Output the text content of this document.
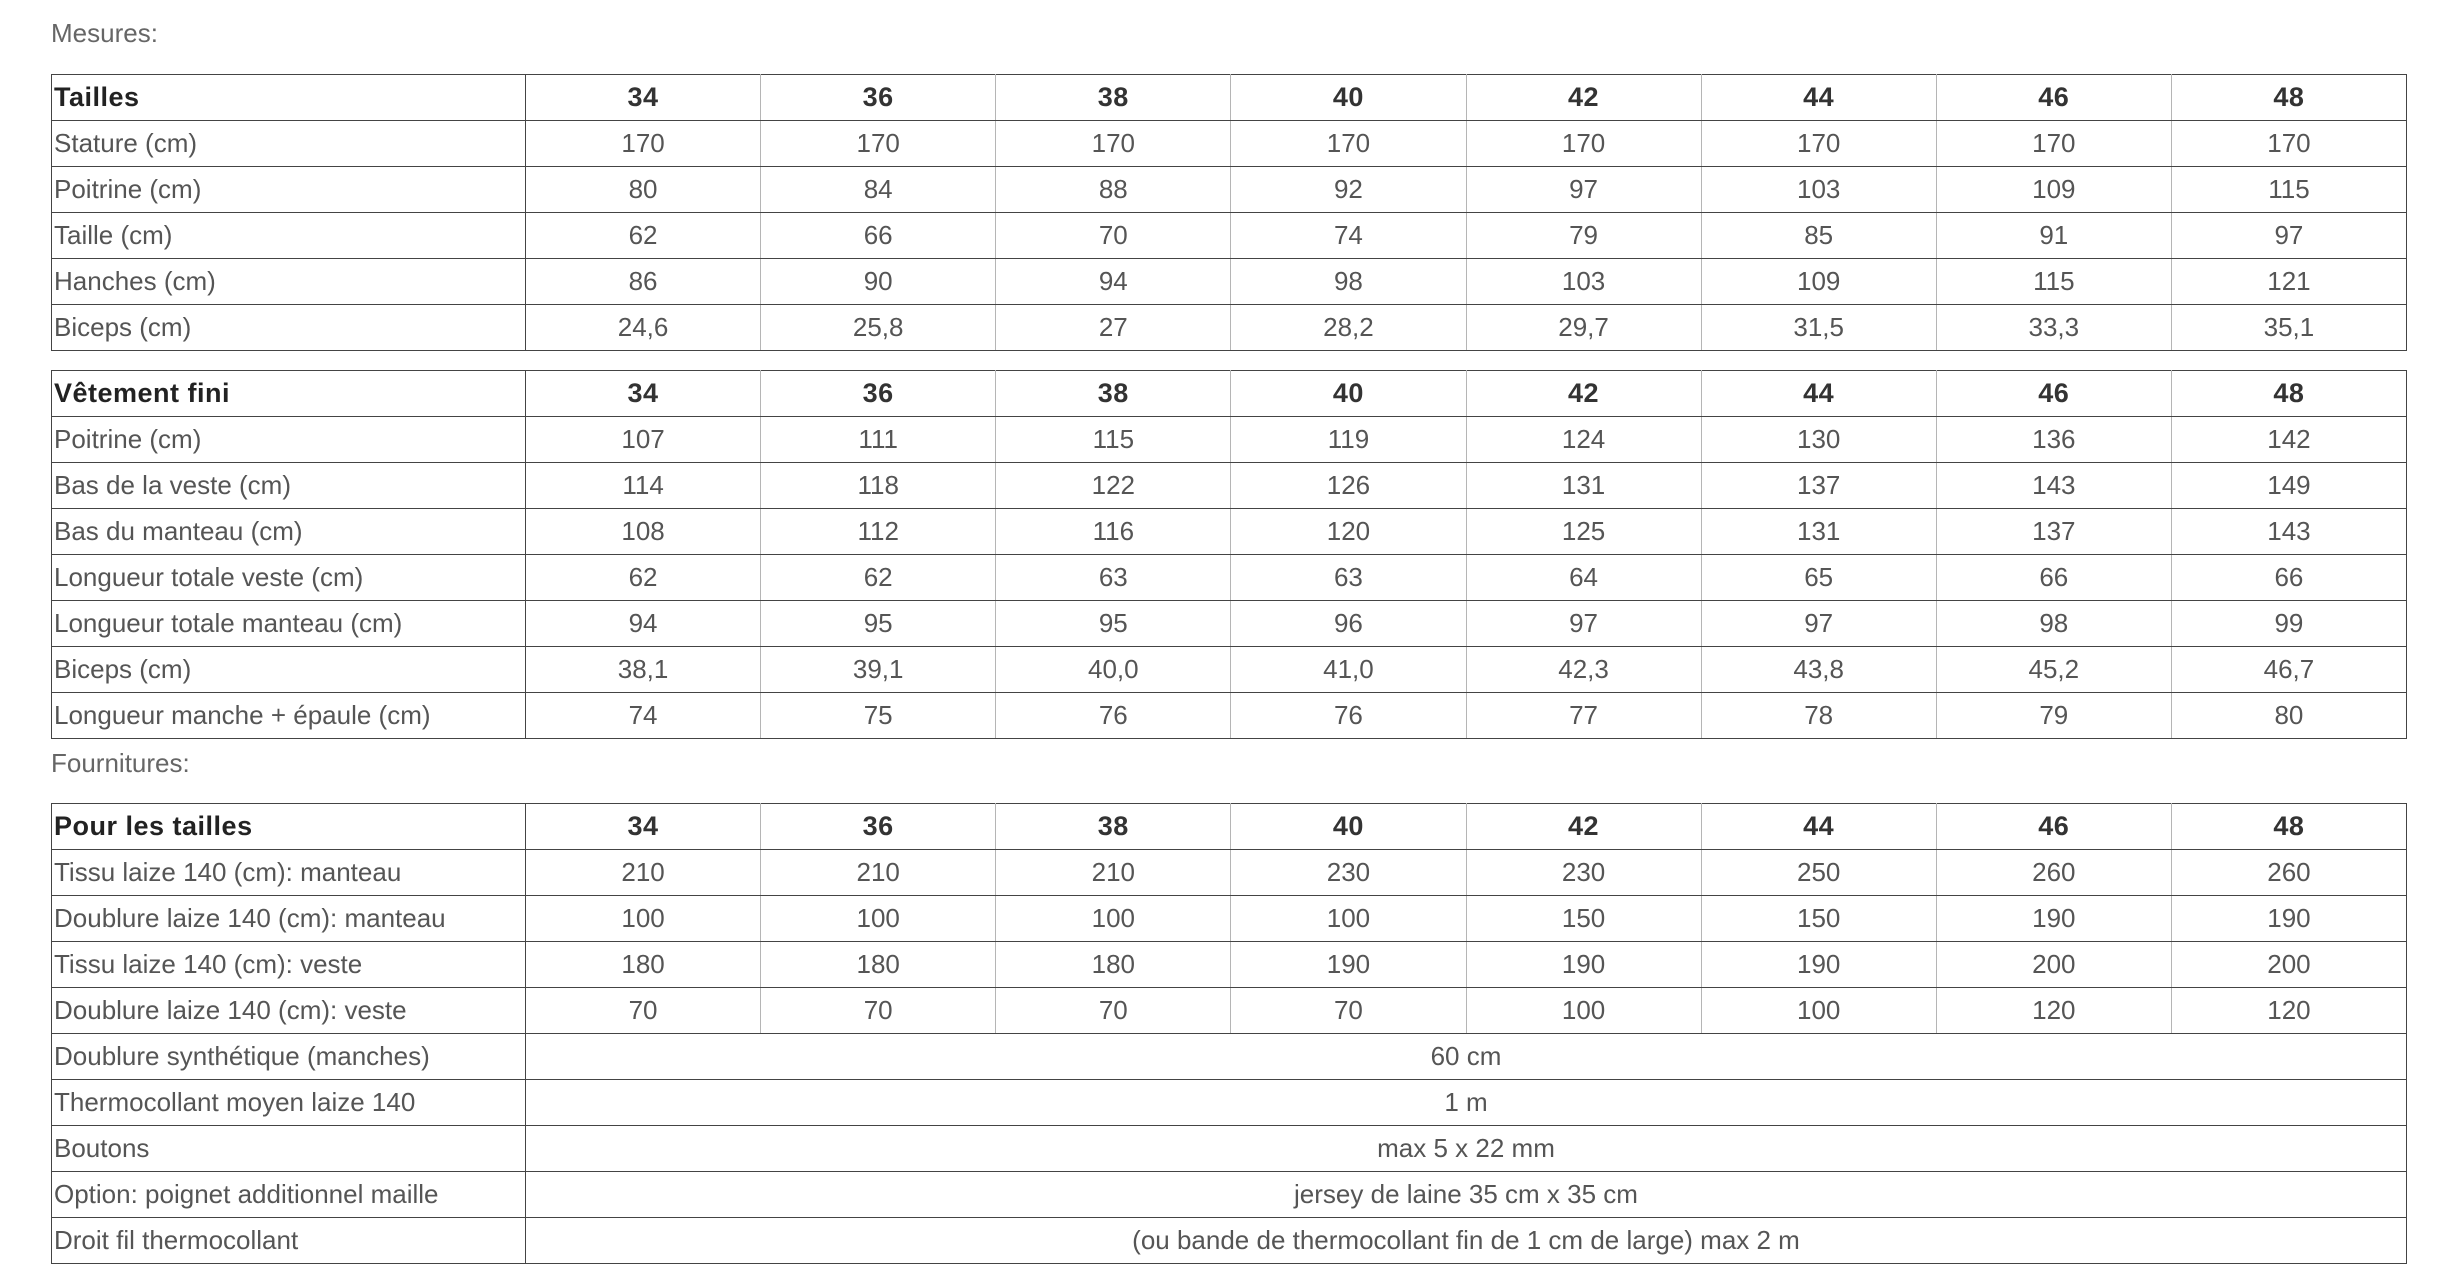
Mesures:
Tailles	34	36	38	40	42	44	46	48
Stature (cm)	170	170	170	170	170	170	170	170
Poitrine (cm)	80	84	88	92	97	103	109	115
Taille (cm)	62	66	70	74	79	85	91	97
Hanches (cm)	86	90	94	98	103	109	115	121
Biceps (cm)	24,6	25,8	27	28,2	29,7	31,5	33,3	35,1
Vêtement fini	34	36	38	40	42	44	46	48
Poitrine (cm)	107	111	115	119	124	130	136	142
Bas de la veste (cm)	114	118	122	126	131	137	143	149
Bas du manteau (cm)	108	112	116	120	125	131	137	143
Longueur totale veste (cm)	62	62	63	63	64	65	66	66
Longueur totale manteau (cm)	94	95	95	96	97	97	98	99
Biceps (cm)	38,1	39,1	40,0	41,0	42,3	43,8	45,2	46,7
Longueur manche + épaule (cm)	74	75	76	76	77	78	79	80
Fournitures:
Pour les tailles	34	36	38	40	42	44	46	48
Tissu laize 140 (cm): manteau	210	210	210	230	230	250	260	260
Doublure laize 140 (cm): manteau	100	100	100	100	150	150	190	190
Tissu laize 140 (cm): veste	180	180	180	190	190	190	200	200
Doublure laize 140 (cm): veste	70	70	70	70	100	100	120	120
Doublure synthétique (manches)	60 cm							
Thermocollant moyen laize 140	1 m							
Boutons	max 5 x 22 mm							
Option: poignet additionnel maille	jersey de laine 35 cm x 35 cm							
Droit fil thermocollant	(ou bande de thermocollant fin de 1 cm de large) max 2 m							
